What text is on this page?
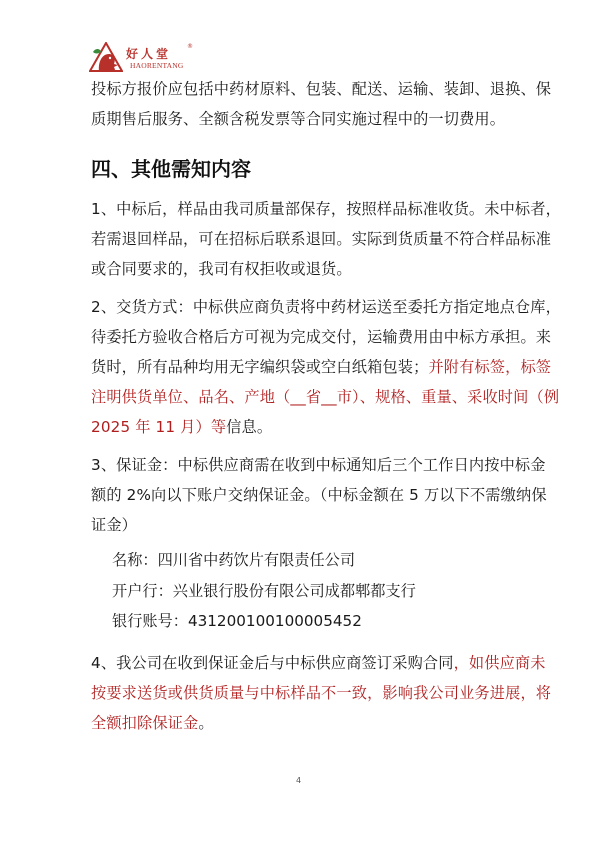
好人堂
®
HAORENTANG
投标方报价应包括中药材原料、包装、配送、运输、装卸、退换、保
质期售后服务、全额含税发票等合同实施过程中的一切费用。
四、其他需知内容
1、中标后，样品由我司质量部保存，按照样品标准收货。未中标者，
若需退回样品，可在招标后联系退回。实际到货质量不符合样品标准
或合同要求的，我司有权拒收或退货。
2、交货方式：中标供应商负责将中药材运送至委托方指定地点仓库，
待委托方验收合格后方可视为完成交付，运输费用由中标方承担。来
货时，所有品种均用无字编织袋或空白纸箱包装；并附有标签，标签
注明供货单位、品名、产地（__省__市）、规格、重量、采收时间（例
2025 年 11 月）等信息。
3、保证金：中标供应商需在收到中标通知后三个工作日内按中标金
额的 2%向以下账户交纳保证金。（中标金额在 5 万以下不需缴纳保
证金）
名称：四川省中药饮片有限责任公司
开户行：兴业银行股份有限公司成都郫都支行
银行账号：431200100100005452
4、我公司在收到保证金后与中标供应商签订采购合同，如供应商未
按要求送货或供货质量与中标样品不一致，影响我公司业务进展，将
全额扣除保证金。
4
